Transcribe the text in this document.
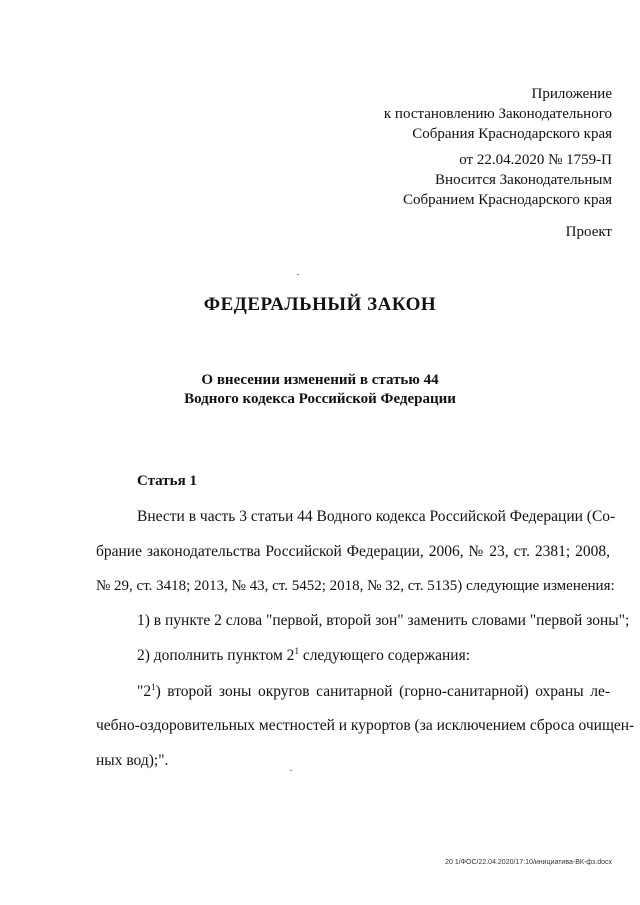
Приложение
к постановлению Законодательного
Собрания Краснодарского края
от 22.04.2020 № 1759-П
Вносится Законодательным
Собранием Краснодарского края
Проект
ФЕДЕРАЛЬНЫЙ ЗАКОН
О внесении изменений в статью 44
Водного кодекса Российской Федерации
Статья 1
Внести в часть 3 статьи 44 Водного кодекса Российской Федерации (Со-
брание законодательства Российской Федерации, 2006, № 23, ст. 2381; 2008,
№ 29, ст. 3418; 2013, № 43, ст. 5452; 2018, № 32, ст. 5135) следующие изменения:
1) в пункте 2 слова "первой, второй зон" заменить словами "первой зоны";
2) дополнить пунктом $2^1$ следующего содержания:
"$2^1$) второй зоны округов санитарной (горно-санитарной) охраны ле-
чебно-оздоровительных местностей и курортов (за исключением сброса очищен-
ных вод);".
20 1/ФОС/22.04.2020/17:10/инициатива-ВК-фз.docx
